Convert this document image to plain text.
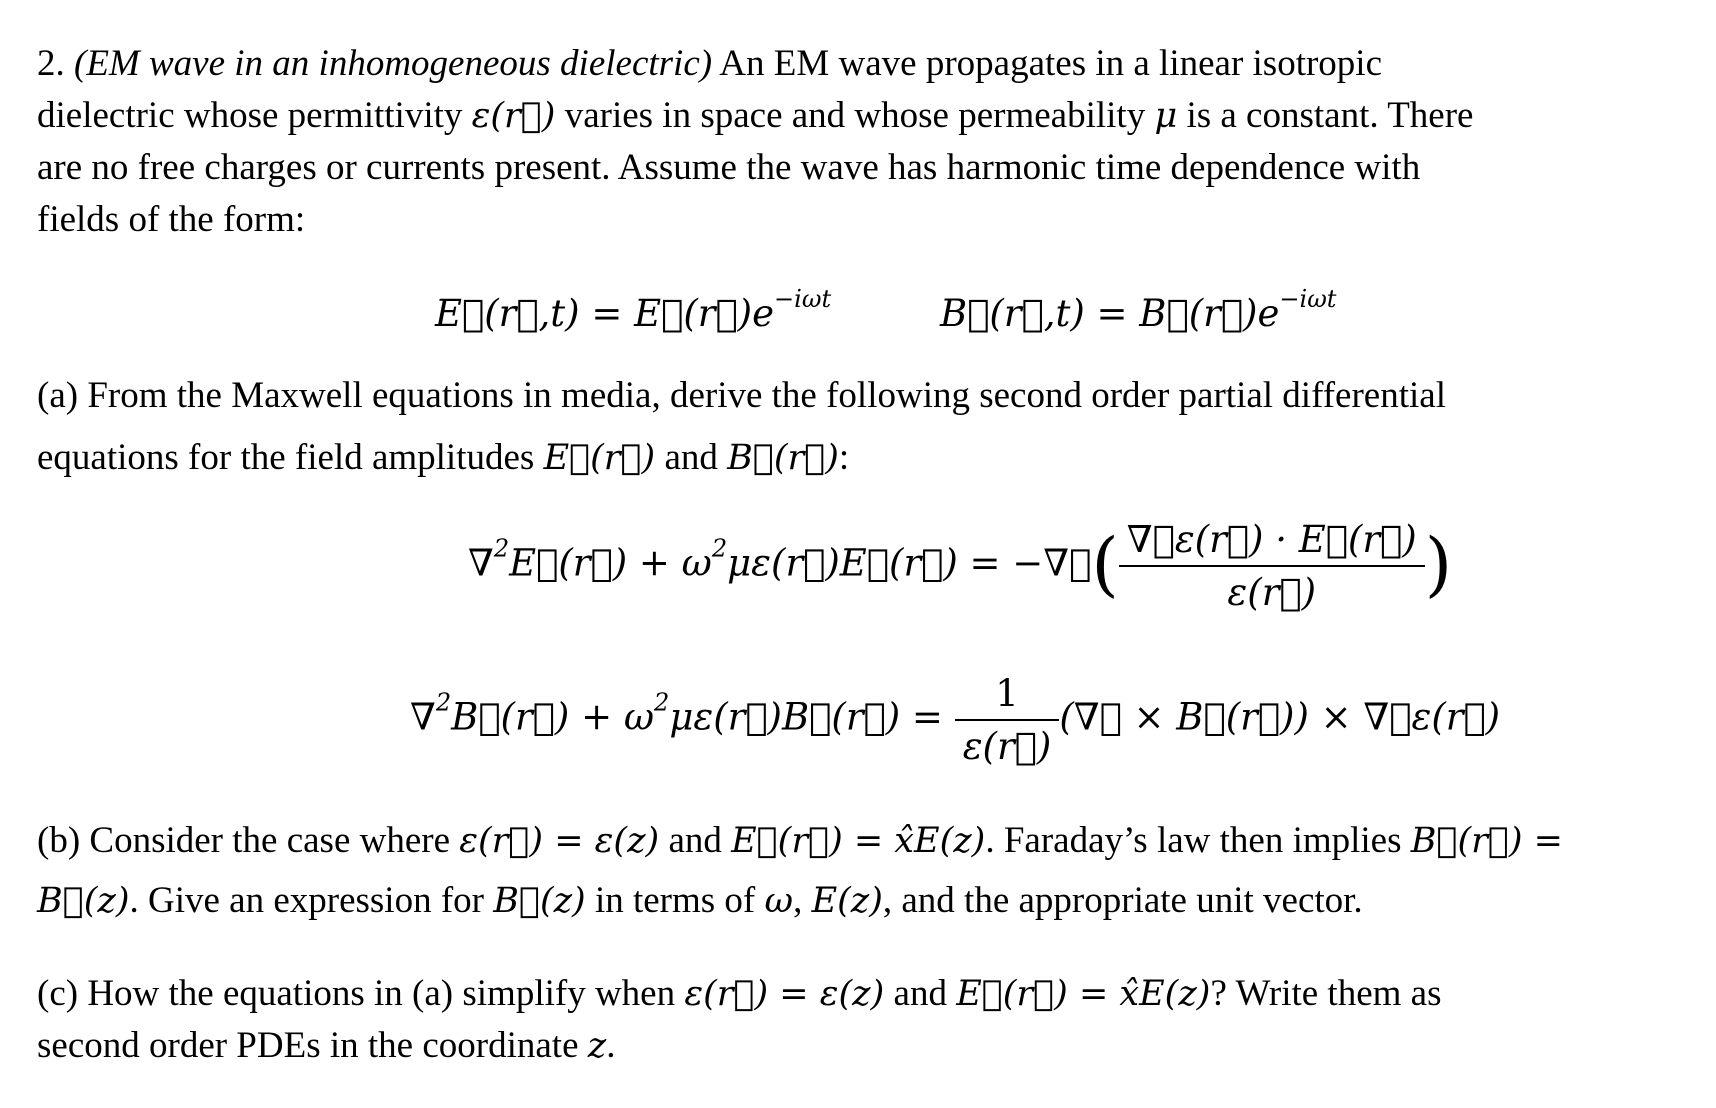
2. (EM wave in an inhomogeneous dielectric) An EM wave propagates in a linear isotropic
dielectric whose permittivity ε(r⃗) varies in space and whose permeability μ is a constant. There
are no free charges or currents present. Assume the wave has harmonic time dependence with
fields of the form:
E⃗(r⃗,t) = $E⃗(r⃗)e^{-i\omega t}$	B⃗(r⃗,t) = $B⃗(r⃗)e^{-i\omega t}$
(a) From the Maxwell equations in media, derive the following second order partial differential
equations for the field amplitudes E⃗(r⃗) and B⃗(r⃗):
∇$^2$E⃗(r⃗) + $\omega^2\mu\varepsilon(r⃗)E⃗(r⃗)$ = −∇⃗( $\frac{\nabla⃗\varepsilon(r⃗) \cdot E⃗(r⃗)}{\varepsilon(r⃗)}$ )
∇$^2$B⃗(r⃗) + $\omega^2\mu\varepsilon(r⃗)B⃗(r⃗) = \frac{1}{\varepsilon(r⃗)}$ (∇⃗ × B⃗(r⃗)) × ∇⃗ε(r⃗)
(b) Consider the case where ε(r⃗) = ε(z) and E⃗(r⃗) = x̂E(z). Faraday’s law then implies B⃗(r⃗) =
B⃗(z). Give an expression for B⃗(z) in terms of ω, E(z), and the appropriate unit vector.
(c) How the equations in (a) simplify when ε(r⃗) = ε(z) and E⃗(r⃗) = x̂E(z)? Write them as
second order PDEs in the coordinate z.
